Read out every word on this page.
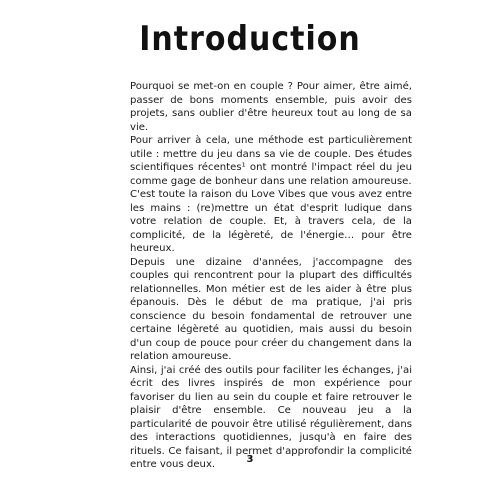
Introduction

Pourquoi se met-on en couple ? Pour aimer, être aimé, passer de bons moments ensemble, puis avoir des projets, sans oublier d'être heureux tout au long de sa vie.

Pour arriver à cela, une méthode est particulièrement utile : mettre du jeu dans sa vie de couple. Des études scientifiques récentes¹ ont montré l'impact réel du jeu comme gage de bonheur dans une relation amoureuse.

C'est toute la raison du Love Vibes que vous avez entre les mains : (re)mettre un état d'esprit ludique dans votre relation de couple. Et, à travers cela, de la complicité, de la légèreté, de l'énergie… pour être heureux.

Depuis une dizaine d'années, j'accompagne des couples qui rencontrent pour la plupart des difficultés relationnelles. Mon métier est de les aider à être plus épanouis. Dès le début de ma pratique, j'ai pris conscience du besoin fondamental de retrouver une certaine légèreté au quotidien, mais aussi du besoin d'un coup de pouce pour créer du changement dans la relation amoureuse.

Ainsi, j'ai créé des outils pour faciliter les échanges, j'ai écrit des livres inspirés de mon expérience pour favoriser du lien au sein du couple et faire retrouver le plaisir d'être ensemble. Ce nouveau jeu a la particularité de pouvoir être utilisé régulièrement, dans des interactions quotidiennes, jusqu'à en faire des rituels. Ce faisant, il permet d'approfondir la complicité entre vous deux.	3
